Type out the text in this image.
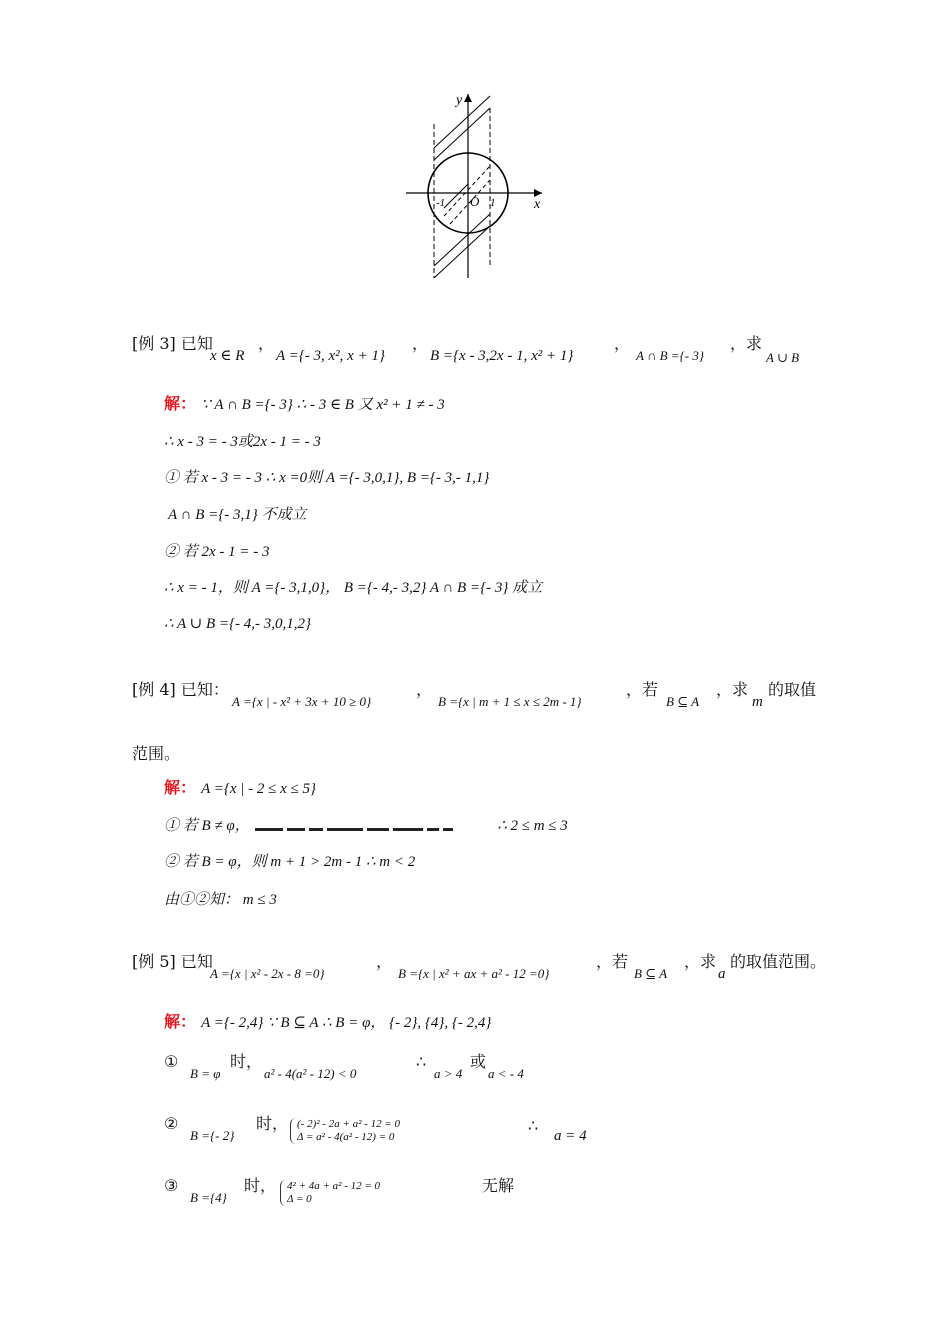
y
x
O
-1	1
[例 3] 已知
x ∈ R
，
A ={- 3, x², x + 1}
，
B ={x - 3,2x - 1, x² + 1}
，
A ∩ B ={- 3}
，求
A ∪ B
解： ∵ A ∩ B ={- 3} ∴ - 3 ∈ B 又 x² + 1 ≠ - 3
∴ x - 3 = - 3或2x - 1 = - 3
① 若 x - 3 = - 3 ∴ x =0则 A ={- 3,0,1}, B ={- 3,- 1,1}
A ∩ B ={- 3,1} 不成立
② 若 2x - 1 = - 3
∴ x = - 1，则 A ={- 3,1,0}， B ={- 4,- 3,2} A ∩ B ={- 3} 成立
∴ A ∪ B ={- 4,- 3,0,1,2}
[例 4] 已知：
A ={x | - x² + 3x + 10 ≥ 0}
，
B ={x | m + 1 ≤ x ≤ 2m - 1}
，若
B ⊆ A
，求
m
的取值
范围。
解： A ={x | - 2 ≤ x ≤ 5}
① 若 B ≠ φ，	∴ 2 ≤ m ≤ 3
② 若 B = φ，则 m + 1 > 2m - 1 ∴ m < 2
由①②知： m ≤ 3
[例 5] 已知
A ={x | x² - 2x - 8 =0}
，
B ={x | x² + ax + a² - 12 =0}
，若
B ⊆ A
，求
a
的取值范围。
解： A ={- 2,4} ∵ B ⊆ A ∴ B = φ， {- 2}, {4}, {- 2,4}
①
B = φ
时，
a² - 4(a² - 12) < 0
∴
a > 4
或
a < - 4
②
B ={- 2}
时， (- 2)² - 2a + a² - 12 = 0
Δ = a² - 4(a² - 12) = 0
∴
a = 4
③
B ={4}
时， 4² + 4a + a² - 12 = 0
Δ = 0
无解
